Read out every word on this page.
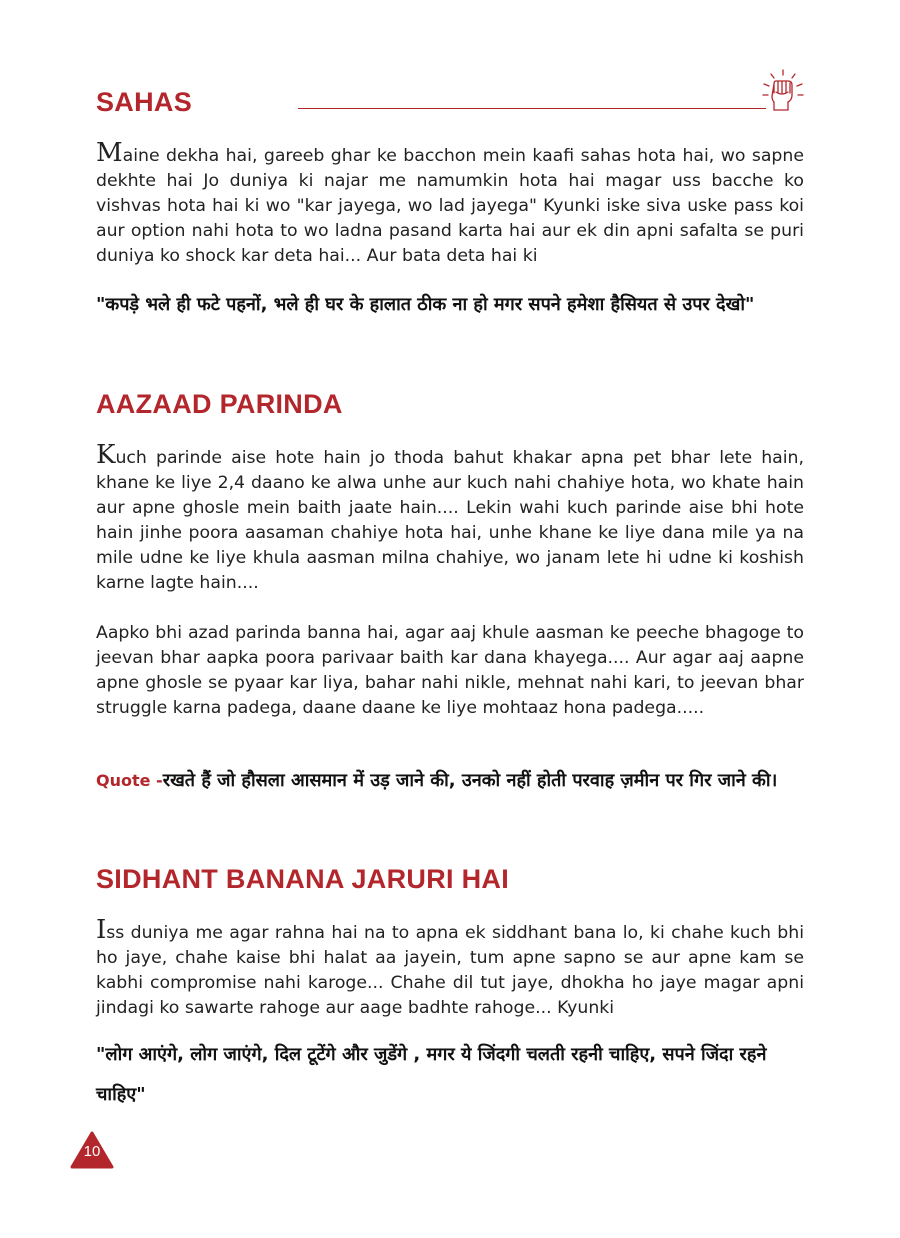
SAHAS

Maine dekha hai, gareeb ghar ke bacchon mein kaafi sahas hota hai, wo sapne dekhte hai Jo duniya ki najar me namumkin hota hai magar uss bacche ko vishvas hota hai ki wo "kar jayega, wo lad jayega" Kyunki iske siva uske pass koi aur option nahi hota to wo ladna pasand karta hai aur ek din apni safalta se puri duniya ko shock kar deta hai... Aur bata deta hai ki

"कपड़े भले ही फटे पहनों, भले ही घर के हालात ठीक ना हो मगर सपने हमेशा हैसियत से उपर देखो"

AAZAAD PARINDA

Kuch parinde aise hote hain jo thoda bahut khakar apna pet bhar lete hain, khane ke liye 2,4 daano ke alwa unhe aur kuch nahi chahiye hota, wo khate hain aur apne ghosle mein baith jaate hain.... Lekin wahi kuch parinde aise bhi hote hain jinhe poora aasaman chahiye hota hai, unhe khane ke liye dana mile ya na mile udne ke liye khula aasman milna chahiye, wo janam lete hi udne ki koshish karne lagte hain....

Aapko bhi azad parinda banna hai, agar aaj khule aasman ke peeche bhagoge to jeevan bhar aapka poora parivaar baith kar dana khayega.... Aur agar aaj aapne apne ghosle se pyaar kar liya, bahar nahi nikle, mehnat nahi kari, to jeevan bhar struggle karna padega, daane daane ke liye mohtaaz hona padega.....

Quote -रखते हैं जो हौसला आसमान में उड़ जाने की, उनको नहीं होती परवाह ज़मीन पर गिर जाने की।

SIDHANT BANANA JARURI HAI

Iss duniya me agar rahna hai na to apna ek siddhant bana lo, ki chahe kuch bhi ho jaye, chahe kaise bhi halat aa jayein, tum apne sapno se aur apne kam se kabhi compromise nahi karoge... Chahe dil tut jaye, dhokha ho jaye magar apni jindagi ko sawarte rahoge aur aage badhte rahoge... Kyunki

"लोग आएंगे, लोग जाएंगे, दिल टूटेंगे और जुडेंगे , मगर ये जिंदगी चलती रहनी चाहिए, सपने जिंदा रहने चाहिए"

10
